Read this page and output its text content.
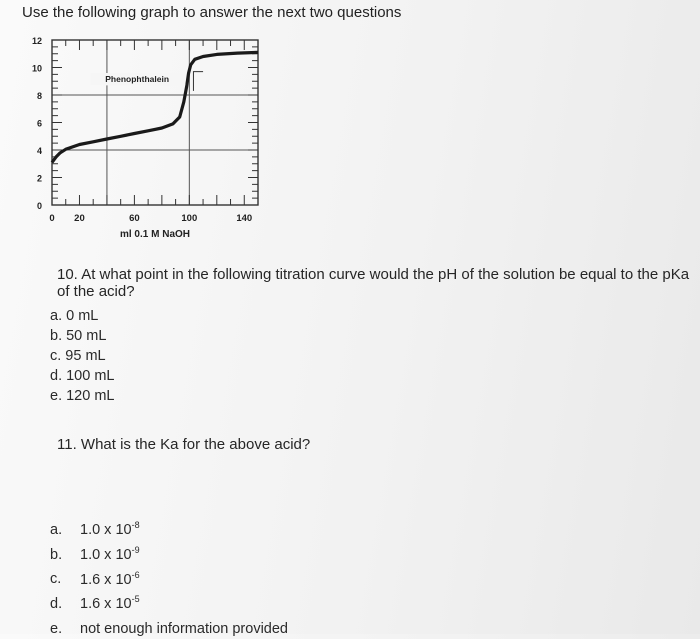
Use the following graph to answer the next two questions
0
2
4
6
8
10
12
0 20	60	100	140
Phenophthalein
ml 0.1 M NaOH
10. At what point in the following titration curve would the pH of the solution be equal to the pKa of the acid?
a. 0 mL
b. 50 mL
c. 95 mL
d. 100 mL
e. 120 mL
11. What is the Ka for the above acid?
a. 1.0 x $10^{-8}$
b. 1.0 x $10^{-9}$
c. 1.6 x $10^{-6}$
d. 1.6 x $10^{-5}$
e. not enough information provided
